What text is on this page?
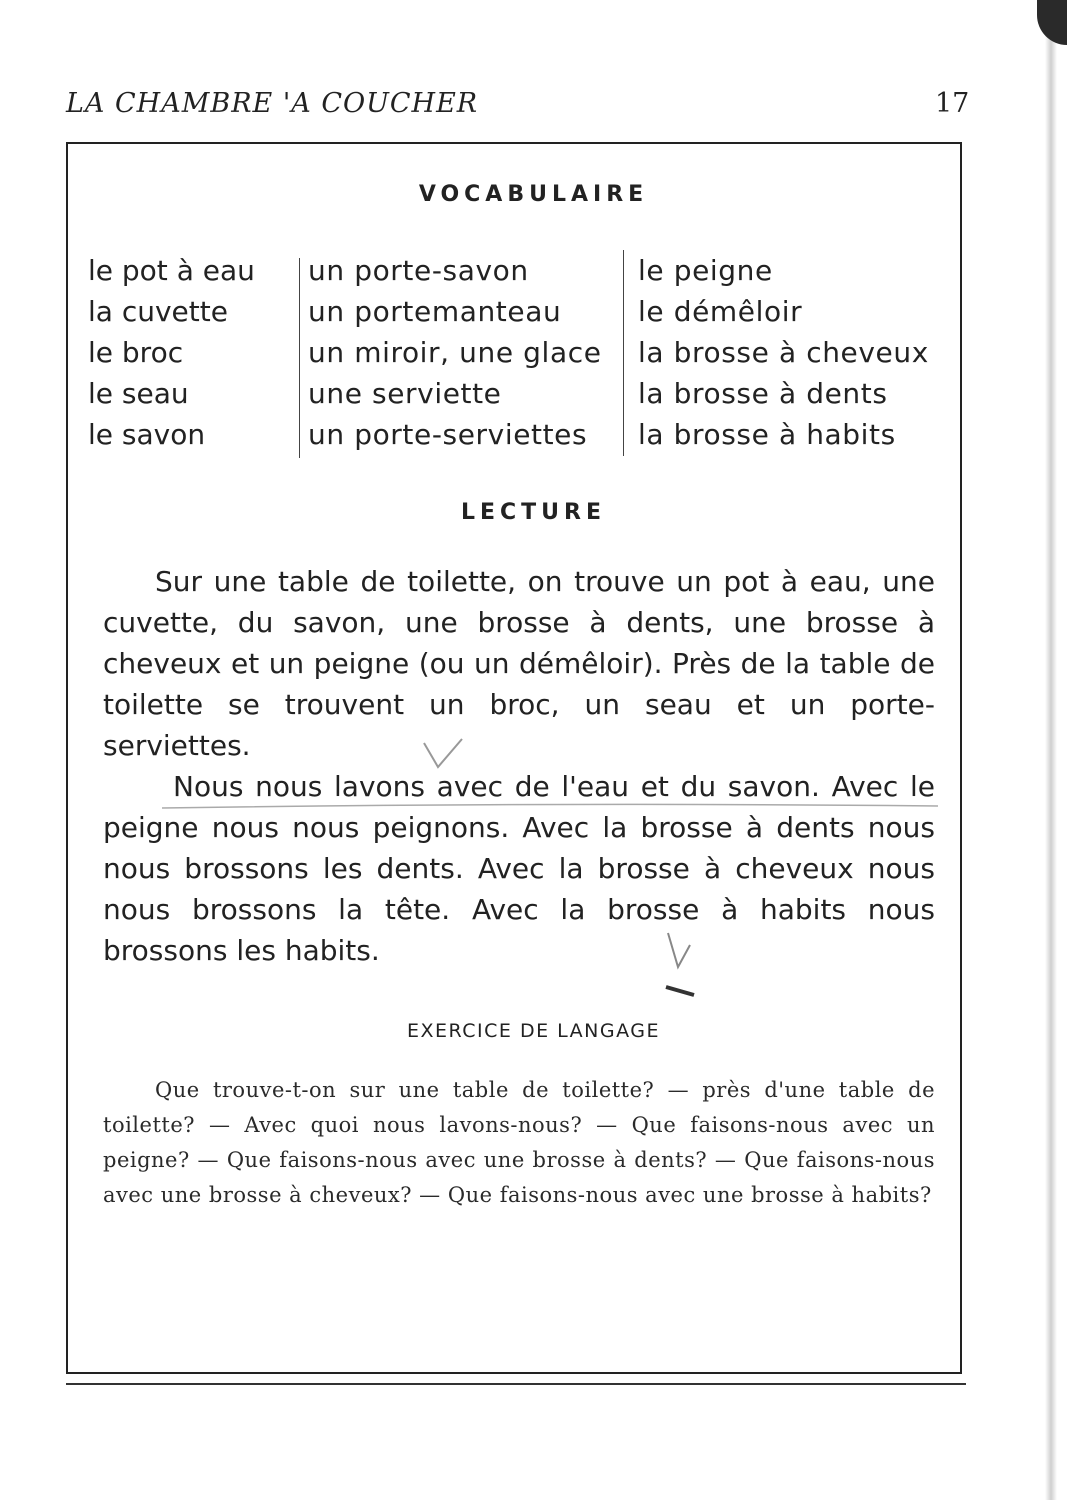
LA CHAMBRE 'A COUCHER	17
VOCABULAIRE
le pot à eau
la cuvette
le broc
le seau
le savon
un porte-savon
un portemanteau
un miroir, une glace
une serviette
un porte-serviettes
le peigne
le démêloir
la brosse à cheveux
la brosse à dents
la brosse à habits
LECTURE

Sur une table de toilette, on trouve un pot à eau, une cuvette, du savon, une brosse à dents, une brosse à cheveux et un peigne (ou un démêloir). Près de la table de toilette se trouvent un broc, un seau et un porte-serviettes.

Nous nous lavons avec de l'eau et du savon. Avec le peigne nous nous peignons. Avec la brosse à dents nous nous brossons les dents. Avec la brosse à cheveux nous nous brossons la tête. Avec la brosse à habits nous brossons les habits.

EXERCICE DE LANGAGE
Que trouve-t-on sur une table de toilette? — près d'une table de toilette? — Avec quoi nous lavons-nous? — Que faisons-nous avec un peigne? — Que faisons-nous avec une brosse à dents? — Que faisons-nous avec une brosse à cheveux? — Que faisons-nous avec une brosse à habits?
